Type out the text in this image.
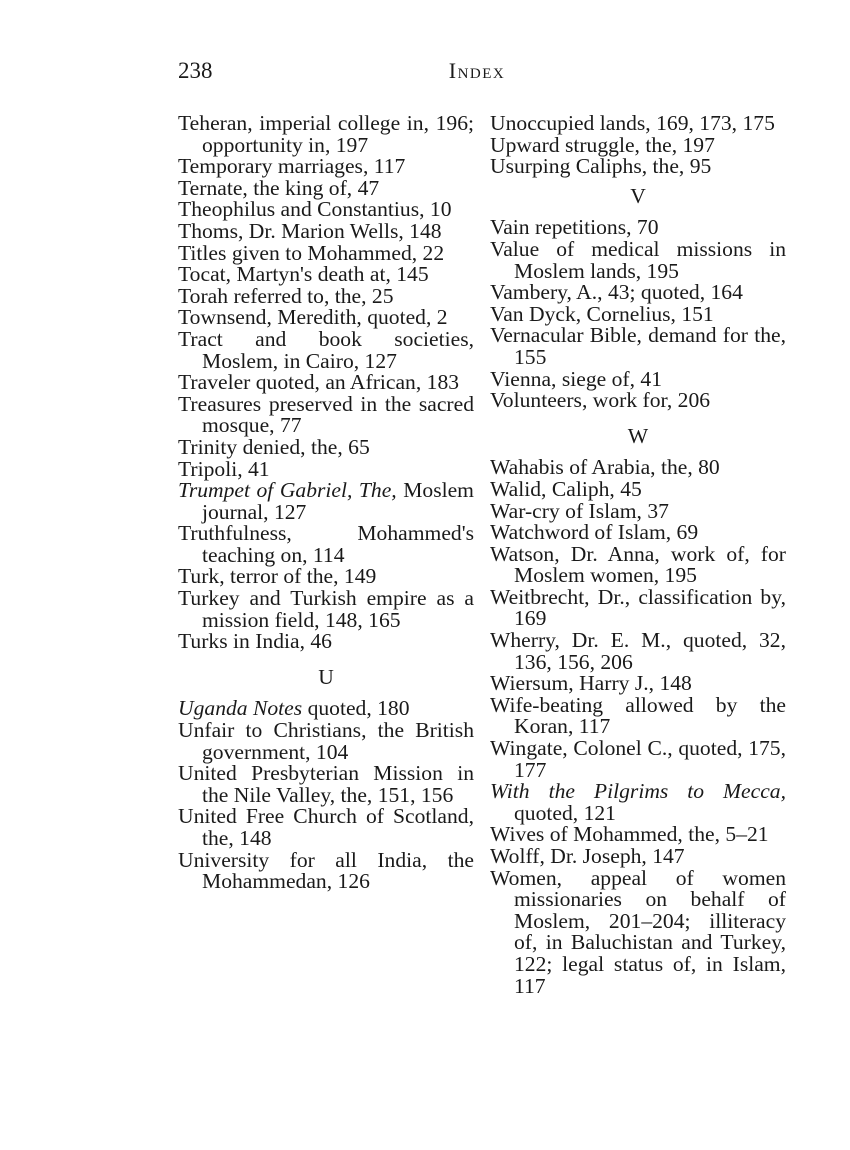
238	Index
Teheran, imperial college in, 196; opportunity in, 197
Temporary marriages, 117
Ternate, the king of, 47
Theophilus and Constantius, 10
Thoms, Dr. Marion Wells, 148
Titles given to Mohammed, 22
Tocat, Martyn's death at, 145
Torah referred to, the, 25
Townsend, Meredith, quoted, 2
Tract and book societies, Moslem, in Cairo, 127
Traveler quoted, an African, 183
Treasures preserved in the sacred mosque, 77
Trinity denied, the, 65
Tripoli, 41
Trumpet of Gabriel, The, Moslem journal, 127
Truthfulness, Mohammed's teaching on, 114
Turk, terror of the, 149
Turkey and Turkish empire as a mission field, 148, 165
Turks in India, 46
U
Uganda Notes quoted, 180
Unfair to Christians, the British government, 104
United Presbyterian Mission in the Nile Valley, the, 151, 156
United Free Church of Scotland, the, 148
University for all India, the Mohammedan, 126
Unoccupied lands, 169, 173, 175
Upward struggle, the, 197
Usurping Caliphs, the, 95
V
Vain repetitions, 70
Value of medical missions in Moslem lands, 195
Vambery, A., 43; quoted, 164
Van Dyck, Cornelius, 151
Vernacular Bible, demand for the, 155
Vienna, siege of, 41
Volunteers, work for, 206
W
Wahabis of Arabia, the, 80
Walid, Caliph, 45
War-cry of Islam, 37
Watchword of Islam, 69
Watson, Dr. Anna, work of, for Moslem women, 195
Weitbrecht, Dr., classification by, 169
Wherry, Dr. E. M., quoted, 32, 136, 156, 206
Wiersum, Harry J., 148
Wife-beating allowed by the Koran, 117
Wingate, Colonel C., quoted, 175, 177
With the Pilgrims to Mecca, quoted, 121
Wives of Mohammed, the, 5–21
Wolff, Dr. Joseph, 147
Women, appeal of women missionaries on behalf of Moslem, 201–204; illiteracy of, in Baluchistan and Turkey, 122; legal status of, in Islam, 117
